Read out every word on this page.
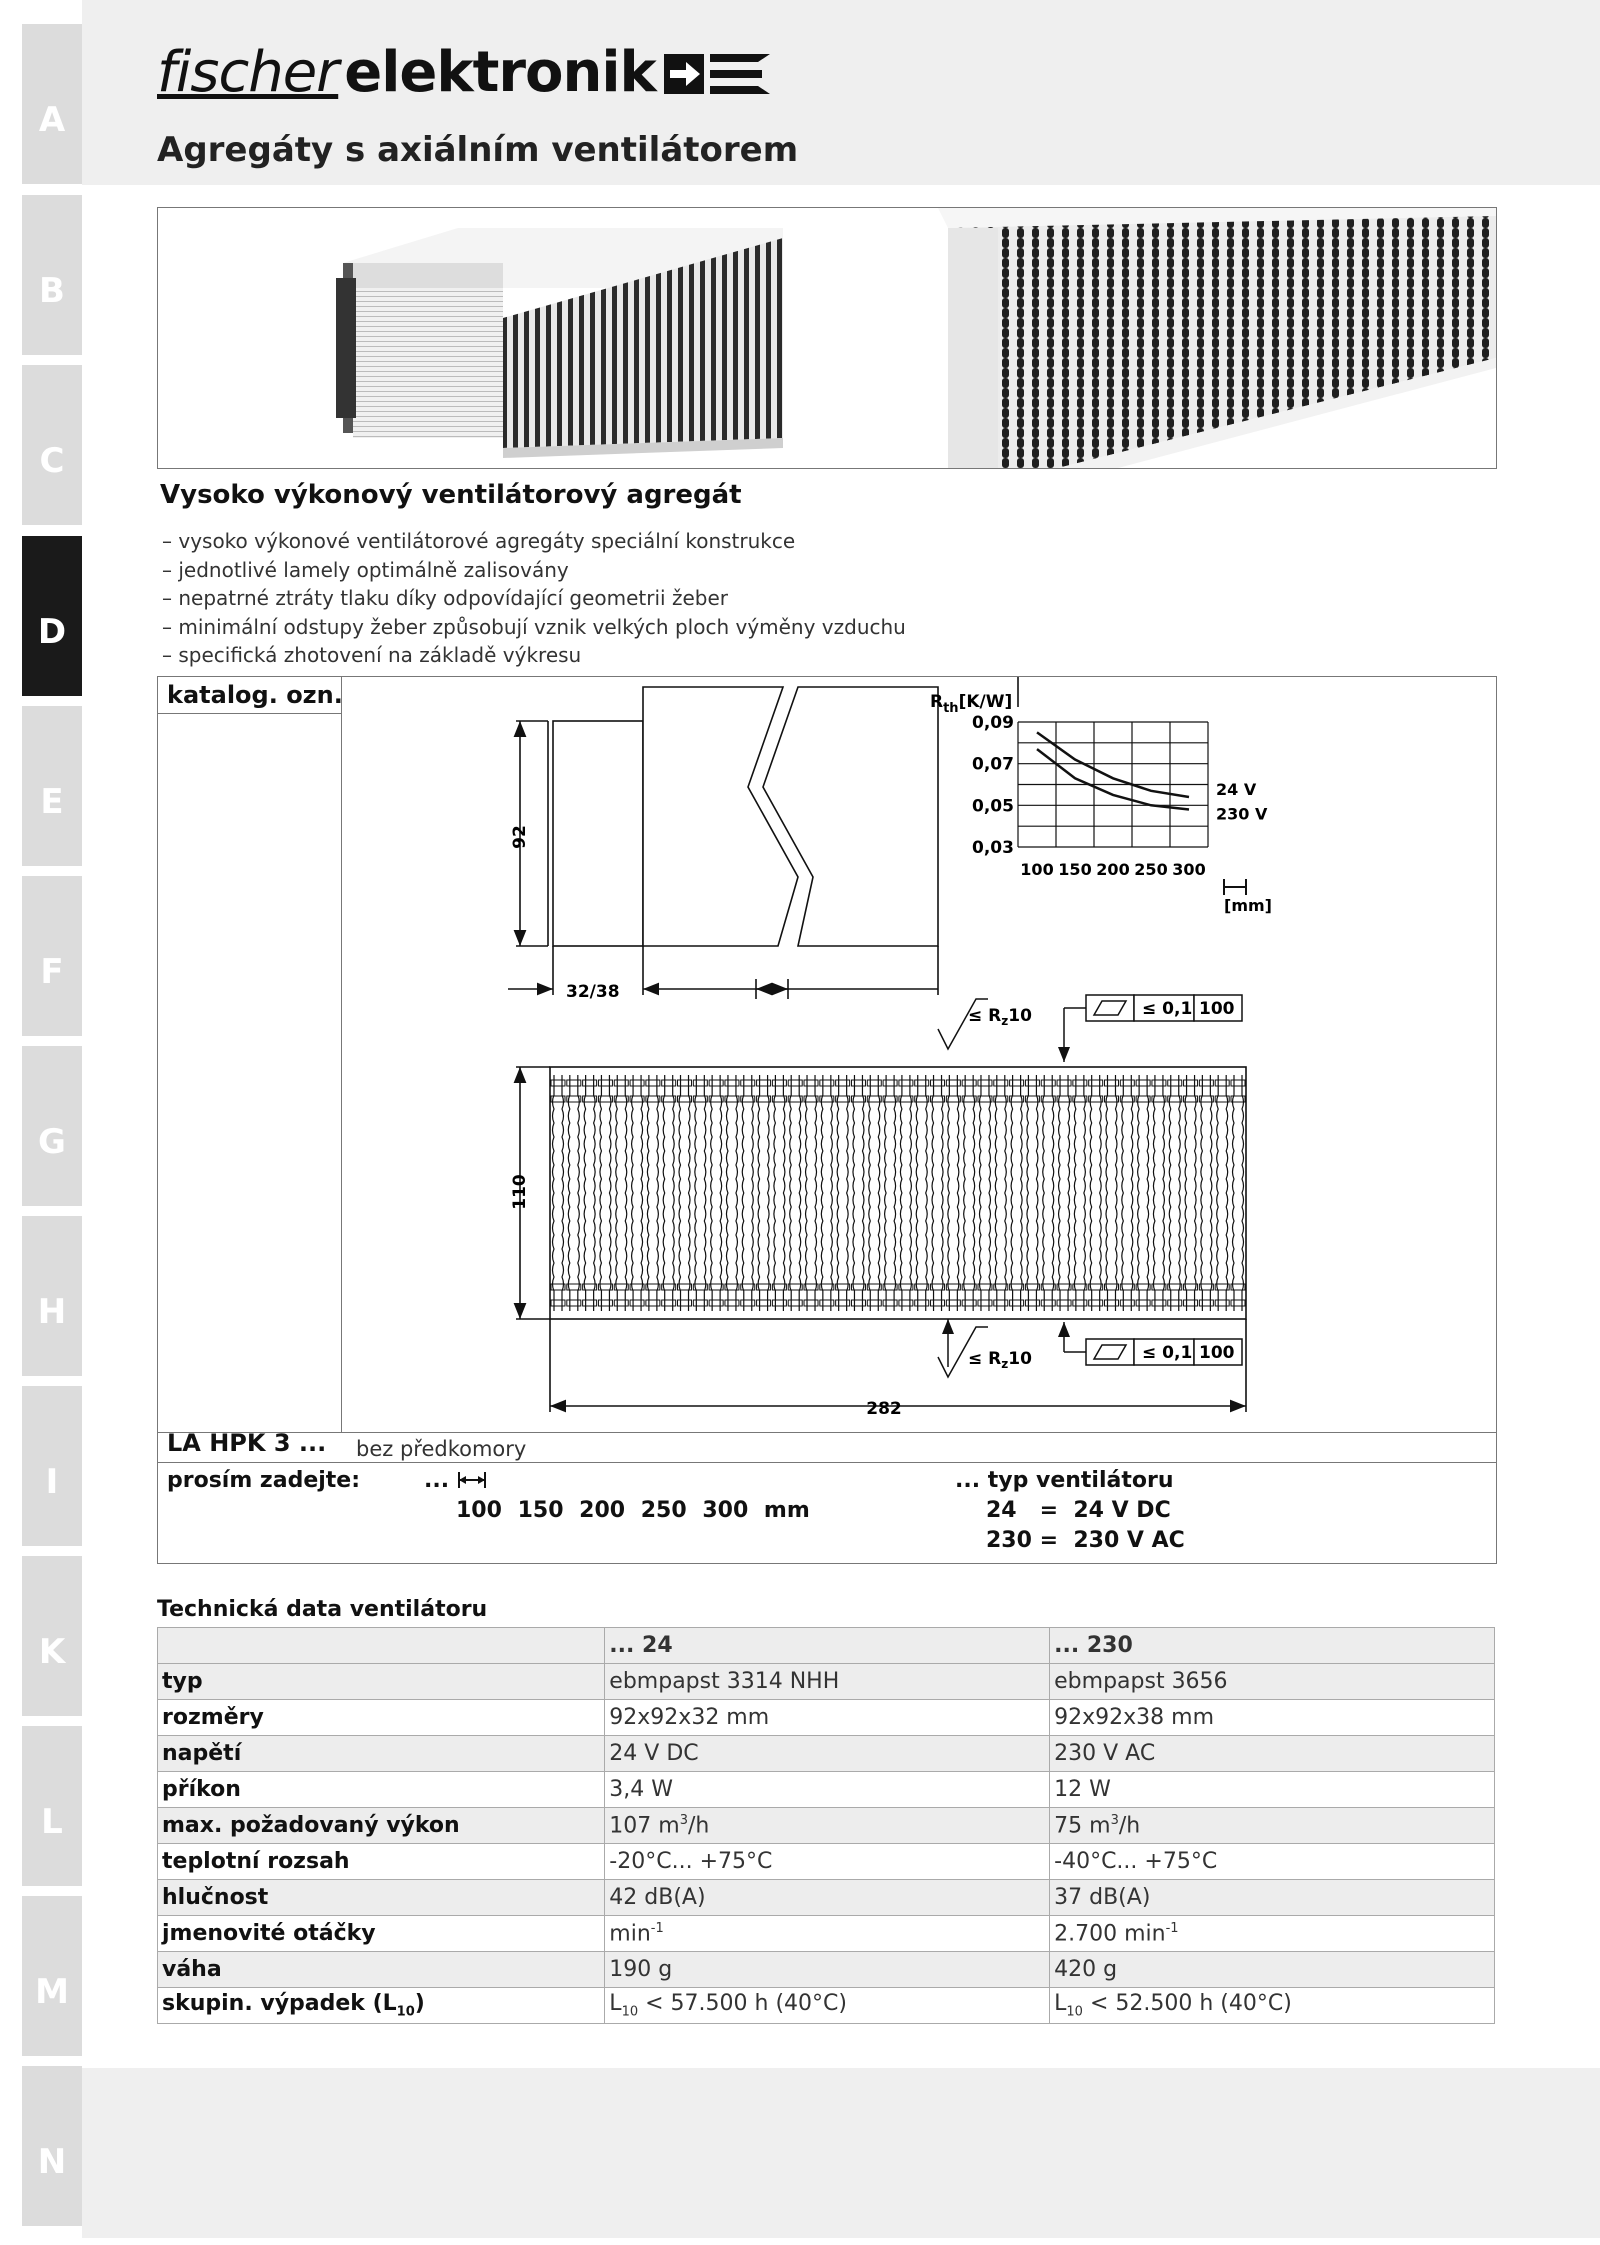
A
B
C
D
E
F
G
H
I
K
L
M
N
fischer elektronik
Agregáty s axiálním ventilátorem
Vysoko výkonový ventilátorový agregát
– vysoko výkonové ventilátorové agregáty speciální konstrukce
– jednotlivé lamely optimálně zalisovány
– nepatrné ztráty tlaku díky odpovídající geometrii žeber
– minimální odstupy žeber způsobují vznik velkých ploch výměny vzduchu
– specifická zhotovení na základě výkresu
katalog. ozn.
92
32/38
110
282
≤ $R_z10$	≤ 0,1 100
≤ $R_z10$	≤ 0,1 100
$R_{th}[K/W]$
[mm]
0,09
0,07
0,05
0,03
100 150 200 250 300
24 V
230 V
LA HPK 3 ... bez předkomory
prosím zadejte:	...
100 150 200 250 300 mm
... typ ventilátoru
24   =  24 V DC
230 =  230 V AC
Technická data ventilátoru
	... 24	... 230
typ	ebmpapst 3314 NHH	ebmpapst 3656
rozměry	92x92x32 mm	92x92x38 mm
napětí	24 V DC	230 V AC
příkon	3,4 W	12 W
max. požadovaný výkon	107 $m^3/h$	75 $m^3/h$
teplotní rozsah	-20°C... +75°C	-40°C... +75°C
hlučnost	42 dB(A)	37 dB(A)
jmenovité otáčky	$\min^{-1}$	2.700 $\min^{-1}$
váha	190 g	420 g
skupin. výpadek $(L_{10})$	$L_{10} < 57.500$ h (40°C)	$L_{10} < 52.500$ h (40°C)
